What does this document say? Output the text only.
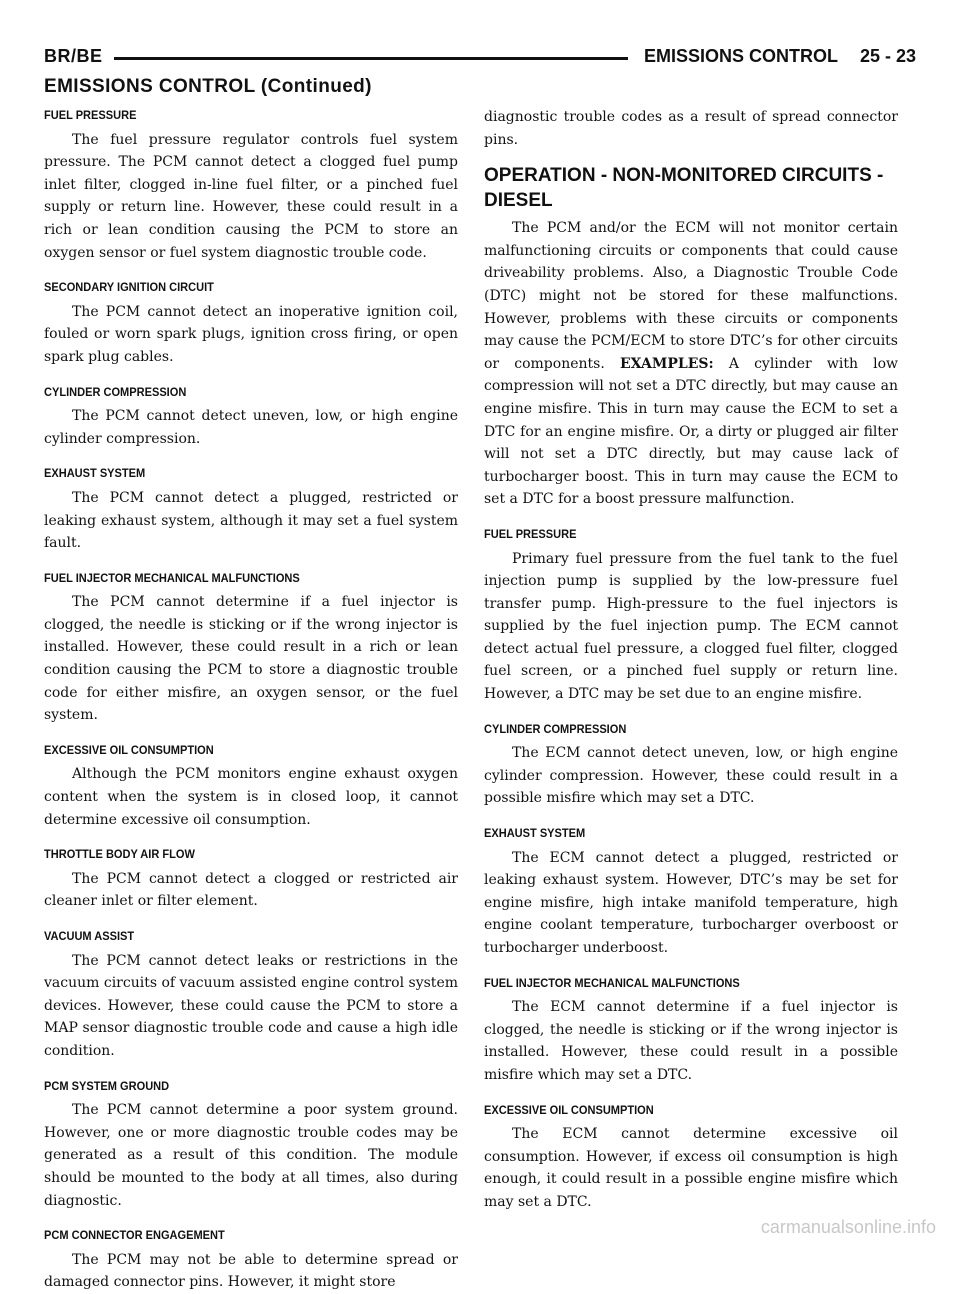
BR/BE	EMISSIONS CONTROL 25 - 23
EMISSIONS CONTROL (Continued)
FUEL PRESSURE

The fuel pressure regulator controls fuel system pressure. The PCM cannot detect a clogged fuel pump inlet filter, clogged in-line fuel filter, or a pinched fuel supply or return line. However, these could result in a rich or lean condition causing the PCM to store an oxygen sensor or fuel system diagnostic trouble code.

SECONDARY IGNITION CIRCUIT

The PCM cannot detect an inoperative ignition coil, fouled or worn spark plugs, ignition cross firing, or open spark plug cables.

CYLINDER COMPRESSION

The PCM cannot detect uneven, low, or high engine cylinder compression.

EXHAUST SYSTEM

The PCM cannot detect a plugged, restricted or leaking exhaust system, although it may set a fuel system fault.

FUEL INJECTOR MECHANICAL MALFUNCTIONS

The PCM cannot determine if a fuel injector is clogged, the needle is sticking or if the wrong injector is installed. However, these could result in a rich or lean condition causing the PCM to store a diagnostic trouble code for either misfire, an oxygen sensor, or the fuel system.

EXCESSIVE OIL CONSUMPTION

Although the PCM monitors engine exhaust oxygen content when the system is in closed loop, it cannot determine excessive oil consumption.

THROTTLE BODY AIR FLOW

The PCM cannot detect a clogged or restricted air cleaner inlet or filter element.

VACUUM ASSIST

The PCM cannot detect leaks or restrictions in the vacuum circuits of vacuum assisted engine control system devices. However, these could cause the PCM to store a MAP sensor diagnostic trouble code and cause a high idle condition.

PCM SYSTEM GROUND

The PCM cannot determine a poor system ground. However, one or more diagnostic trouble codes may be generated as a result of this condition. The module should be mounted to the body at all times, also during diagnostic.

PCM CONNECTOR ENGAGEMENT

The PCM may not be able to determine spread or damaged connector pins. However, it might store

diagnostic trouble codes as a result of spread connector pins.

OPERATION - NON-MONITORED CIRCUITS - DIESEL

The PCM and/or the ECM will not monitor certain malfunctioning circuits or components that could cause driveability problems. Also, a Diagnostic Trouble Code (DTC) might not be stored for these malfunctions. However, problems with these circuits or components may cause the PCM/ECM to store DTC’s for other circuits or components. EXAMPLES: A cylinder with low compression will not set a DTC directly, but may cause an engine misfire. This in turn may cause the ECM to set a DTC for an engine misfire. Or, a dirty or plugged air filter will not set a DTC directly, but may cause lack of turbocharger boost. This in turn may cause the ECM to set a DTC for a boost pressure malfunction.

FUEL PRESSURE

Primary fuel pressure from the fuel tank to the fuel injection pump is supplied by the low-pressure fuel transfer pump. High-pressure to the fuel injectors is supplied by the fuel injection pump. The ECM cannot detect actual fuel pressure, a clogged fuel filter, clogged fuel screen, or a pinched fuel supply or return line. However, a DTC may be set due to an engine misfire.

CYLINDER COMPRESSION

The ECM cannot detect uneven, low, or high engine cylinder compression. However, these could result in a possible misfire which may set a DTC.

EXHAUST SYSTEM

The ECM cannot detect a plugged, restricted or leaking exhaust system. However, DTC’s may be set for engine misfire, high intake manifold temperature, high engine coolant temperature, turbocharger overboost or turbocharger underboost.

FUEL INJECTOR MECHANICAL MALFUNCTIONS

The ECM cannot determine if a fuel injector is clogged, the needle is sticking or if the wrong injector is installed. However, these could result in a possible misfire which may set a DTC.

EXCESSIVE OIL CONSUMPTION

The ECM cannot determine excessive oil consumption. However, if excess oil consumption is high enough, it could result in a possible engine misfire which may set a DTC.

carmanualsonline.info
